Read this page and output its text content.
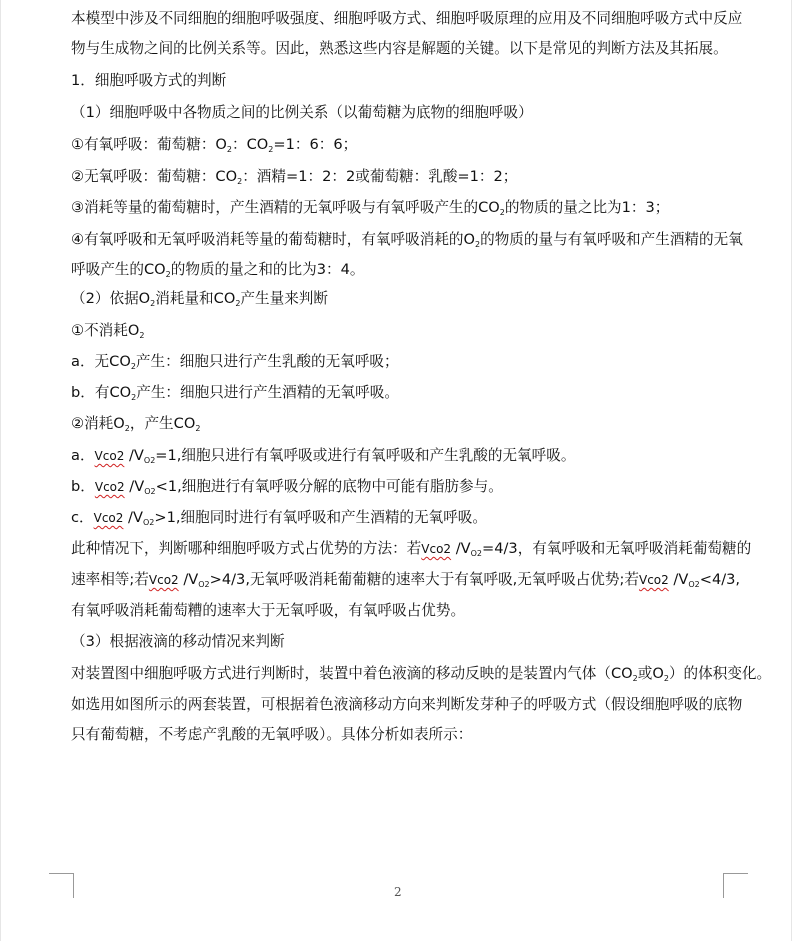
本模型中涉及不同细胞的细胞呼吸强度、细胞呼吸方式、细胞呼吸原理的应用及不同细胞呼吸方式中反应
物与生成物之间的比例关系等。因此，熟悉这些内容是解题的关键。以下是常见的判断方法及其拓展。
1．细胞呼吸方式的判断
（1）细胞呼吸中各物质之间的比例关系（以葡萄糖为底物的细胞呼吸）
①有氧呼吸：葡萄糖：$O_2$：$CO_2=1$：6：6；
②无氧呼吸：葡萄糖：$CO_2$：酒精=1：2：2或葡萄糖：乳酸=1：2；
③消耗等量的葡萄糖时，产生酒精的无氧呼吸与有氧呼吸产生的$CO_2$的物质的量之比为1：3；
④有氧呼吸和无氧呼吸消耗等量的葡萄糖时，有氧呼吸消耗的$O_2$的物质的量与有氧呼吸和产生酒精的无氧
呼吸产生的$CO_2$的物质的量之和的比为3：4。
（2）依据$O_2$消耗量和$CO_2$产生量来判断
①不消耗$O_2$
a．无$CO_2$产生：细胞只进行产生乳酸的无氧呼吸；
b．有$CO_2$产生：细胞只进行产生酒精的无氧呼吸。
②消耗$O_2$，产生$CO_2$
a．Vco2 $/V_{O2}=1$,细胞只进行有氧呼吸或进行有氧呼吸和产生乳酸的无氧呼吸。
b．Vco2 $/V_{O2}<1$,细胞进行有氧呼吸分解的底物中可能有脂肪参与。
c．Vco2 $/V_{O2}>1$,细胞同时进行有氧呼吸和产生酒精的无氧呼吸。
此种情况下，判断哪种细胞呼吸方式占优势的方法：若Vco2 $/V_{O2}=4/3$，有氧呼吸和无氧呼吸消耗葡萄糖的
速率相等;若Vco2 $/V_{O2}>4/3$,无氧呼吸消耗葡葡糖的速率大于有氧呼吸,无氧呼吸占优势;若Vco2 $/V_{O2}<4/3$,
有氧呼吸消耗葡萄糟的速率大于无氧呼吸，有氧呼吸占优势。
（3）根据液滴的移动情况来判断
对装置图中细胞呼吸方式进行判断时，装置中着色液滴的移动反映的是装置内气体（$CO_2$或$O_2$）的体积变化。
如选用如图所示的两套装置，可根据着色液滴移动方向来判断发芽种子的呼吸方式（假设细胞呼吸的底物
只有葡萄糖，不考虑产乳酸的无氧呼吸）。具体分析如表所示：
2
